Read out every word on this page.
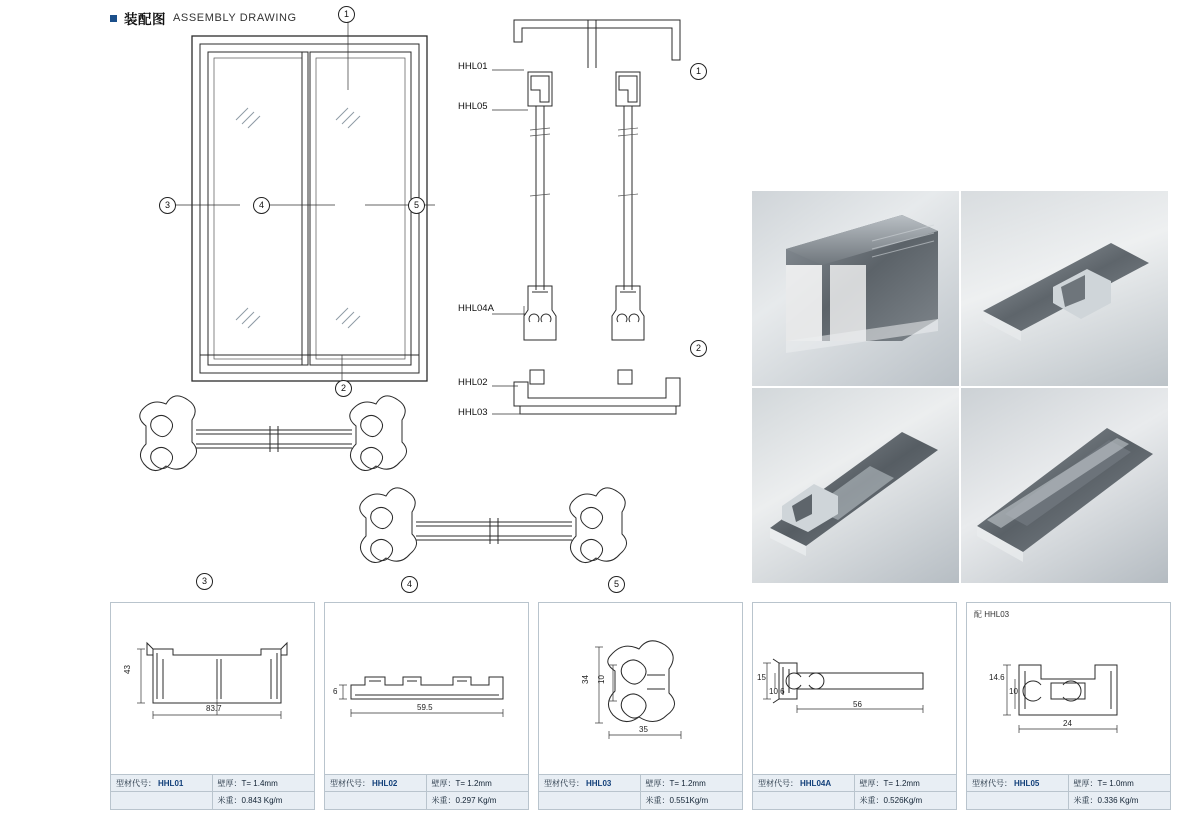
装配图 ASSEMBLY DRAWING	1
2
3	4	5
HHL01
HHL05
HHL04A
HHL02
HHL03
1
2
3	4	5
43
83.7
型材代号： HHL01	壁厚：T= 1.4mm
米重：0.843 Kg/m
6
59.5
型材代号： HHL02	壁厚：T= 1.2mm
米重：0.297 Kg/m
34 10
35
型材代号： HHL03	壁厚：T= 1.2mm
米重：0.551Kg/m
15
10.6
56
型材代号： HHL04A	壁厚：T= 1.2mm
米重：0.526Kg/m
配 HHL03
14.6
10
24
型材代号： HHL05	壁厚：T= 1.0mm
米重：0.336 Kg/m
